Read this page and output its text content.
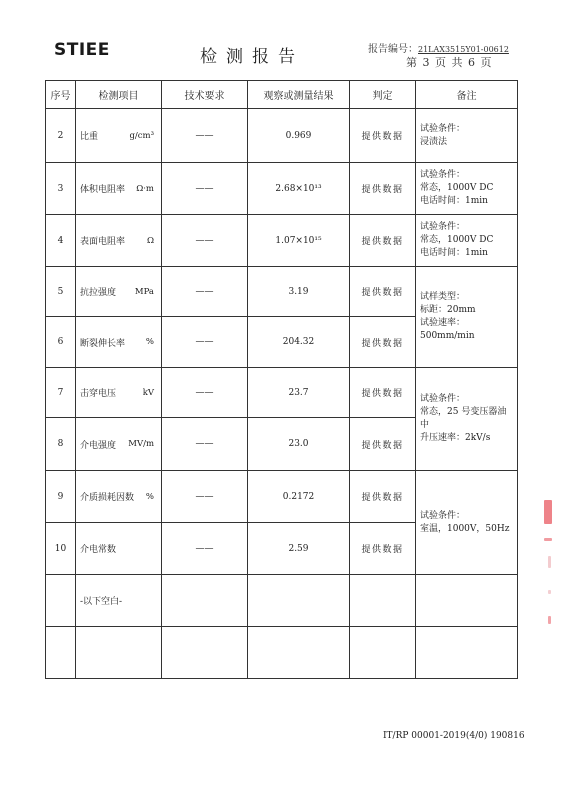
STIEE	检测报告	报告编号：21LAX3515Y01-00612
第 3 页 共 6 页
序号	检测项目	技术要求	观察或测量结果	判定	备注
2	比重 g/cm³	——	0.969	提供数据	试验条件：
浸渍法

3	体积电阻率 Ω·m	——	2.68×10¹³	提供数据	试验条件：
常态，1000V DC
电话时间：1min

4	表面电阻率 Ω	——	1.07×10¹⁵	提供数据	试验条件：
常态，1000V DC
电话时间：1min

5	抗拉强度 MPa	——	3.19	提供数据	试样类型：
标距：20mm
试验速率：500mm/min

6	断裂伸长率 %	——	204.32	提供数据	
7	击穿电压 kV	——	23.7	提供数据	试验条件：
常态，25 号变压器油中
升压速率：2kV/s

8	介电强度 MV/m	——	23.0	提供数据	
9	介质损耗因数 %	——	0.2172	提供数据	试验条件：
室温，1000V，50Hz

10	介电常数	——	2.59	提供数据	
	-以下空白-				

IT/RP 00001-2019(4/0) 190816
